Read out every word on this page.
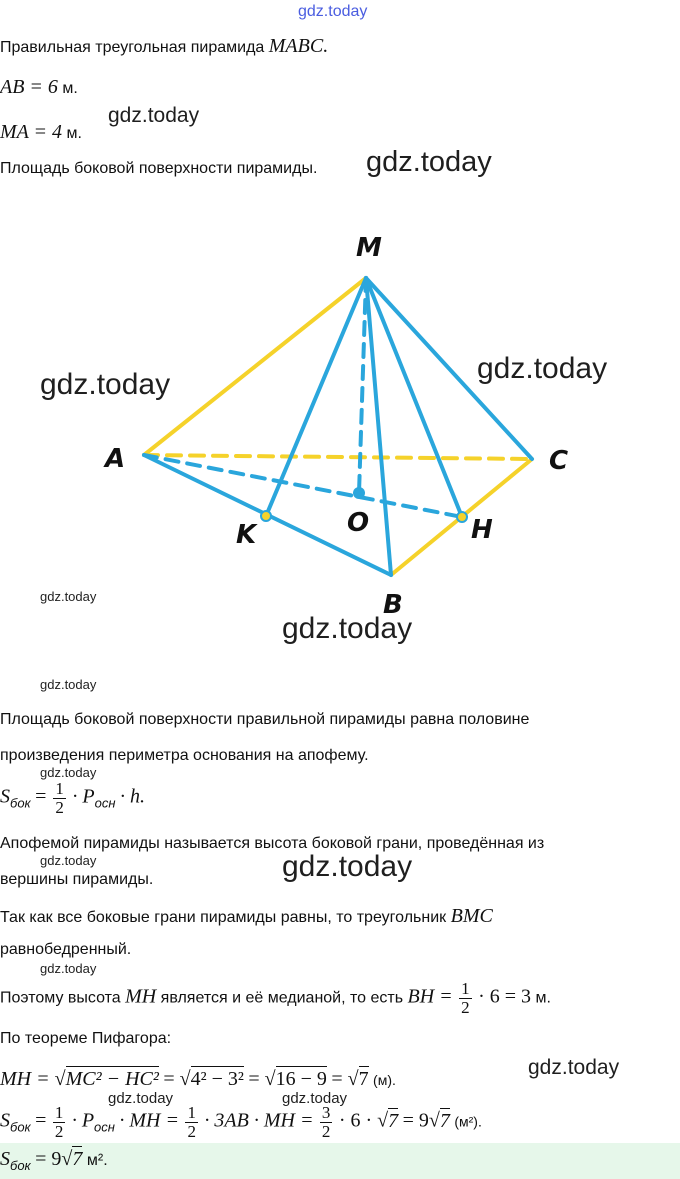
gdz.today
gdz.today
gdz.today
gdz.today	gdz.today
gdz.today
gdz.today
gdz.today
gdz.today
gdz.today	gdz.today
gdz.today
gdz.today
gdz.today	gdz.today
Правильная треугольная пирамида MABC.
AB = 6 м.
MA = 4 м.
Площадь боковой поверхности пирамиды.
M
A	C
K	O	H
B
Площадь боковой поверхности правильной пирамиды равна половине
произведения периметра основания на апофему.
$S_{бок} = \frac{1}{2} \cdot P_{осн} \cdot h$.
Апофемой пирамиды называется высота боковой грани, проведённая из
вершины пирамиды.
Так как все боковые грани пирамиды равны, то треугольник BMC
равнобедренный.
Поэтому высота MH является и её медианой, то есть BH = $\frac{1}{2} \cdot 6 = 3$ м.
По теореме Пифагора:
MH = √MC² − HC² = √4² − 3² = √16 − 9 = √7 (м).
$S_{бок} = \frac{1}{2} \cdot P_{осн}$ · MH = $\frac{1}{2} \cdot 3AB$ · MH = $\frac{3}{2} \cdot 6 \cdot √7 = 9√7$ (м²).
$S_{бок} = 9√7$ м².
